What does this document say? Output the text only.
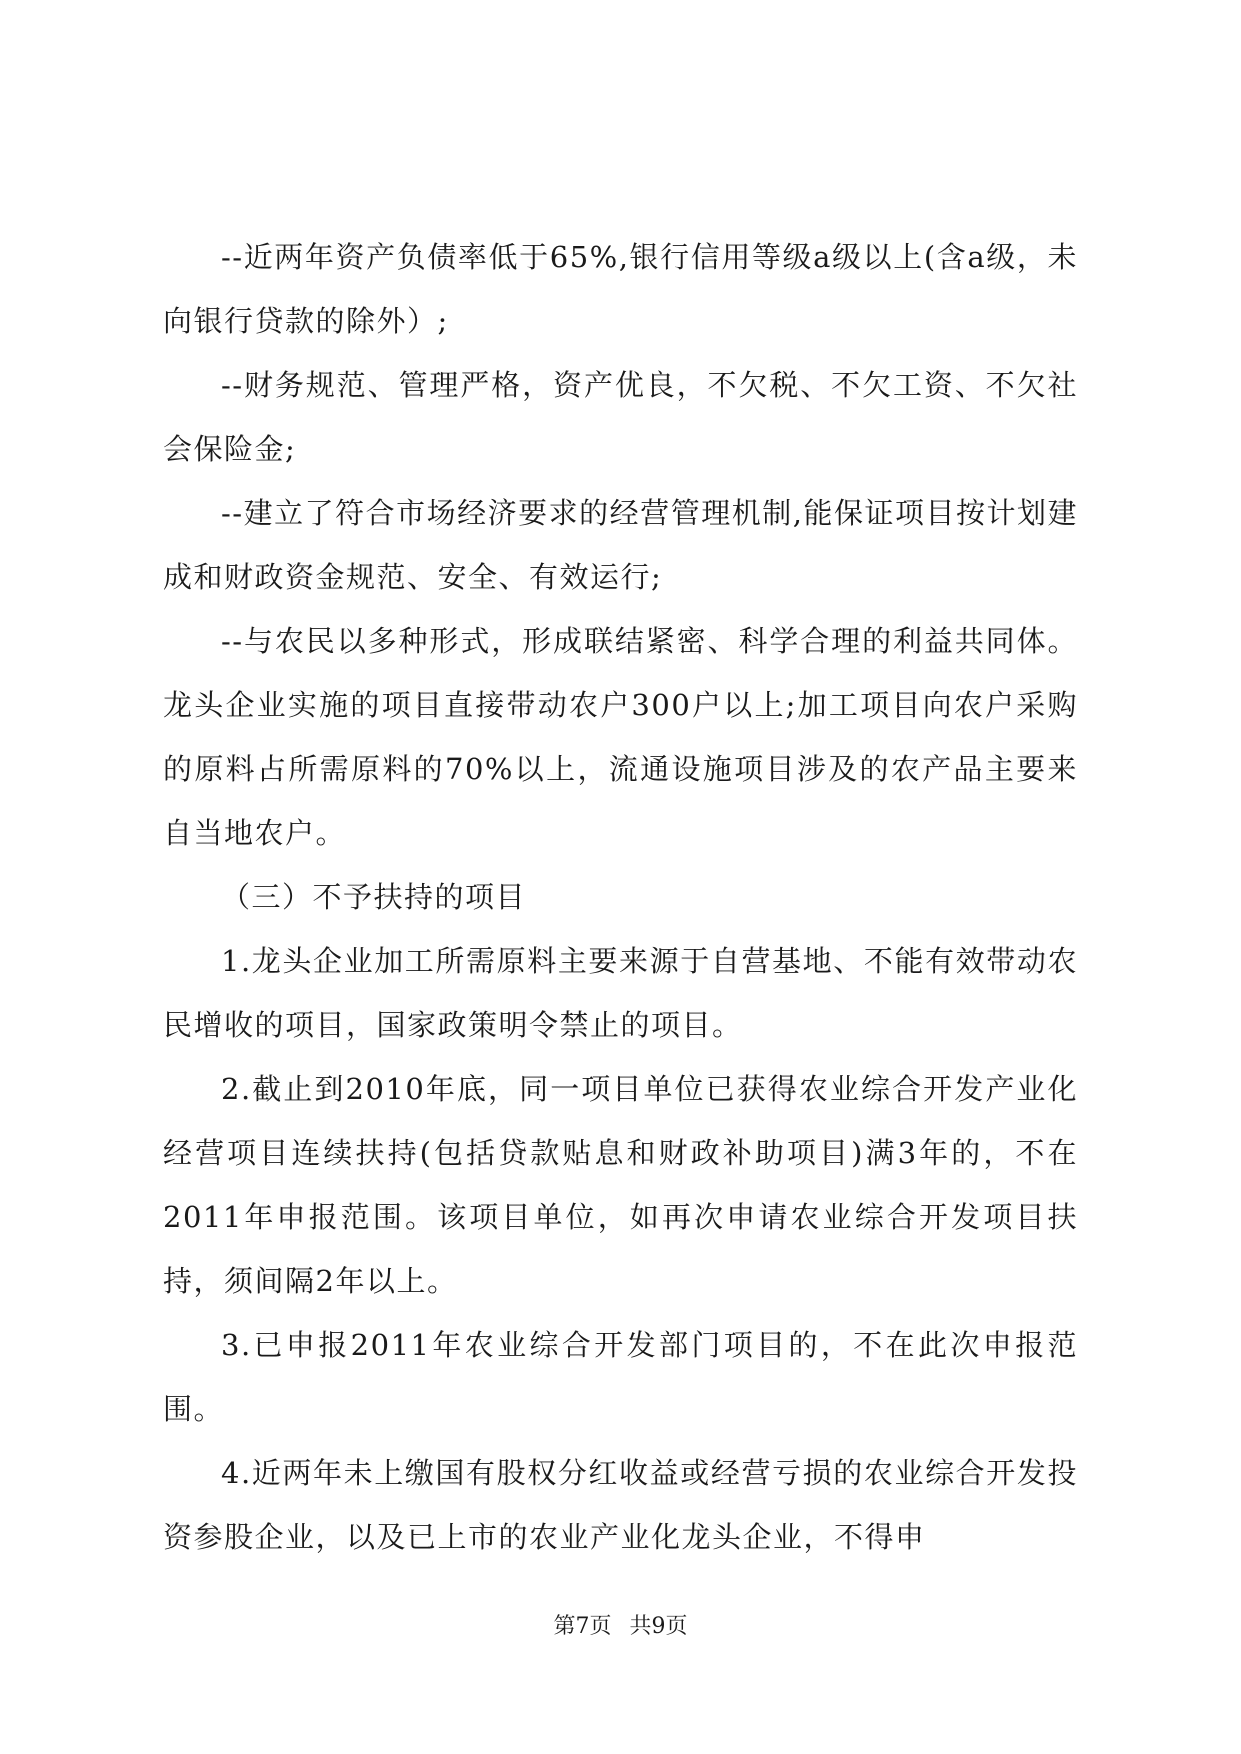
--近两年资产负债率低于65%,银行信用等级a级以上(含a级，未向银行贷款的除外）;

--财务规范、管理严格，资产优良，不欠税、不欠工资、不欠社会保险金;

--建立了符合市场经济要求的经营管理机制,能保证项目按计划建成和财政资金规范、安全、有效运行;

--与农民以多种形式，形成联结紧密、科学合理的利益共同体。龙头企业实施的项目直接带动农户300户以上;加工项目向农户采购的原料占所需原料的70%以上，流通设施项目涉及的农产品主要来自当地农户。

（三）不予扶持的项目

1.龙头企业加工所需原料主要来源于自营基地、不能有效带动农民增收的项目，国家政策明令禁止的项目。

2.截止到2010年底，同一项目单位已获得农业综合开发产业化经营项目连续扶持(包括贷款贴息和财政补助项目)满3年的，不在2011年申报范围。该项目单位，如再次申请农业综合开发项目扶持，须间隔2年以上。

3.已申报2011年农业综合开发部门项目的，不在此次申报范围。

4.近两年未上缴国有股权分红收益或经营亏损的农业综合开发投资参股企业，以及已上市的农业产业化龙头企业，不得申

第7页 共9页
